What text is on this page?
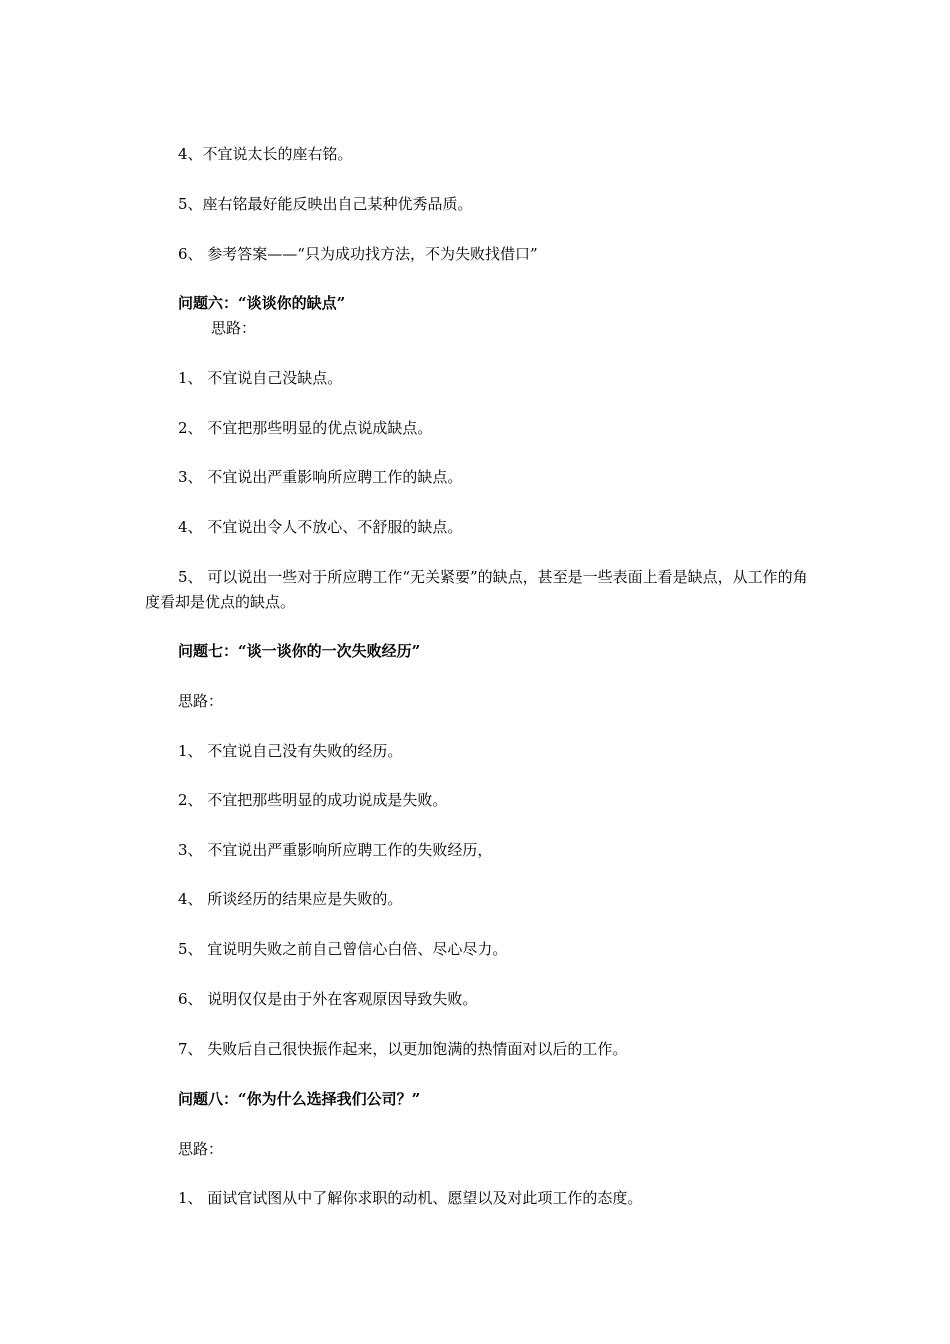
4、不宜说太长的座右铭。
5、座右铭最好能反映出自己某种优秀品质。
6、 参考答案——“只为成功找方法，不为失败找借口”
问题六：“谈谈你的缺点”
思路：
1、 不宜说自己没缺点。
2、 不宜把那些明显的优点说成缺点。
3、 不宜说出严重影响所应聘工作的缺点。
4、 不宜说出令人不放心、不舒服的缺点。
5、 可以说出一些对于所应聘工作“无关紧要”的缺点，甚至是一些表面上看是缺点，从工作的角度看却是优点的缺点。
问题七：“谈一谈你的一次失败经历”
思路：
1、 不宜说自己没有失败的经历。
2、 不宜把那些明显的成功说成是失败。
3、 不宜说出严重影响所应聘工作的失败经历，
4、 所谈经历的结果应是失败的。
5、 宜说明失败之前自己曾信心白倍、尽心尽力。
6、 说明仅仅是由于外在客观原因导致失败。
7、 失败后自己很快振作起来，以更加饱满的热情面对以后的工作。
问题八：“你为什么选择我们公司？”
思路：
1、 面试官试图从中了解你求职的动机、愿望以及对此项工作的态度。
